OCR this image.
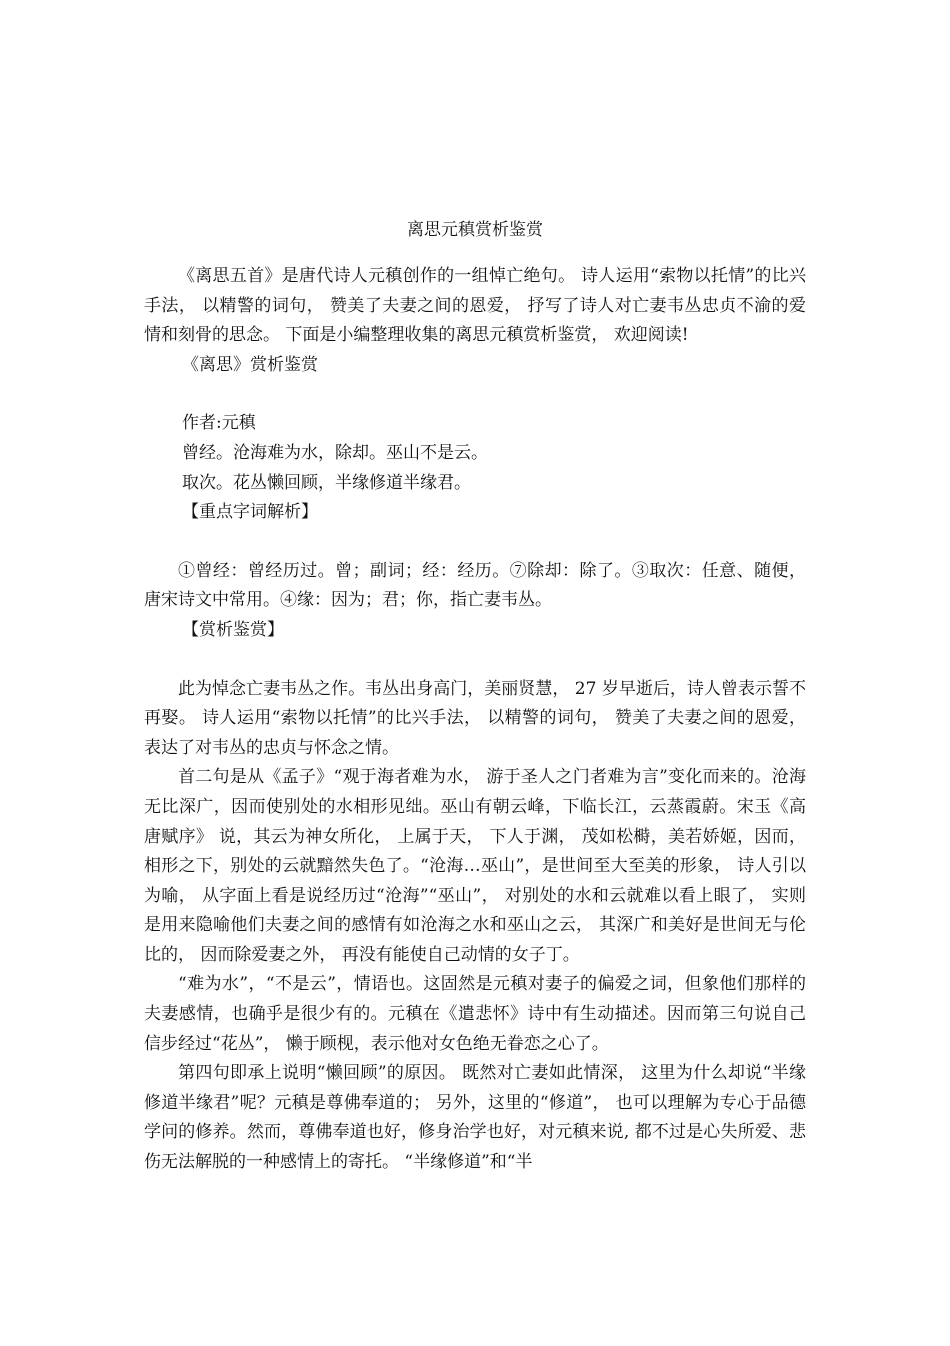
离思元稹赏析鉴赏

《离思五首》是唐代诗人元稹创作的一组悼亡绝句。 诗人运用“索物以托情”的比兴手法， 以精警的词句， 赞美了夫妻之间的恩爱， 抒写了诗人对亡妻韦丛忠贞不渝的爱情和刻骨的思念。 下面是小编整理收集的离思元稹赏析鉴赏， 欢迎阅读!

《离思》赏析鉴赏

作者:元稹

曾经。沧海难为水，除却。巫山不是云。

取次。花丛懒回顾，半缘修道半缘君。

【重点字词解析】

①曾经：曾经历过。曾；副词；经：经历。⑦除却：除了。③取次：任意、随便，唐宋诗文中常用。④缘：因为；君；你，指亡妻韦丛。

【赏析鉴赏】

此为悼念亡妻韦丛之作。韦丛出身高门，美丽贤慧， 27 岁早逝后，诗人曾表示誓不再娶。 诗人运用“索物以托情”的比兴手法， 以精警的词句， 赞美了夫妻之间的恩爱，表达了对韦丛的忠贞与怀念之情。

首二句是从《孟子》“观于海者难为水， 游于圣人之门者难为言”变化而来的。沧海无比深广，因而使别处的水相形见绌。巫山有朝云峰，下临长江，云蒸霞蔚。宋玉《高唐赋序》 说，其云为神女所化， 上属于天， 下人于渊， 茂如松榯，美若娇姬，因而，相形之下，别处的云就黯然失色了。“沧海…巫山”，是世间至大至美的形象， 诗人引以为喻， 从字面上看是说经历过“沧海”“巫山”， 对别处的水和云就难以看上眼了， 实则是用来隐喻他们夫妻之间的感情有如沧海之水和巫山之云， 其深广和美好是世间无与伦比的， 因而除爱妻之外， 再没有能使自己动情的女子丁。

“难为水”，“不是云”，情语也。这固然是元稹对妻子的偏爱之词，但象他们那样的夫妻感情，也确乎是很少有的。元稹在《遣悲怀》诗中有生动描述。因而第三句说自己信步经过“花丛”， 懒于顾枧，表示他对女色绝无眷恋之心了。

第四句即承上说明“懒回顾”的原因。 既然对亡妻如此情深， 这里为什么却说“半缘修道半缘君”呢？元稹是尊佛奉道的； 另外，这里的“修道”， 也可以理解为专心于品德学问的修养。然而，尊佛奉道也好，修身治学也好，对元稹来说, 都不过是心失所爱、悲伤无法解脱的一种感情上的寄托。 “半缘修道”和“半
